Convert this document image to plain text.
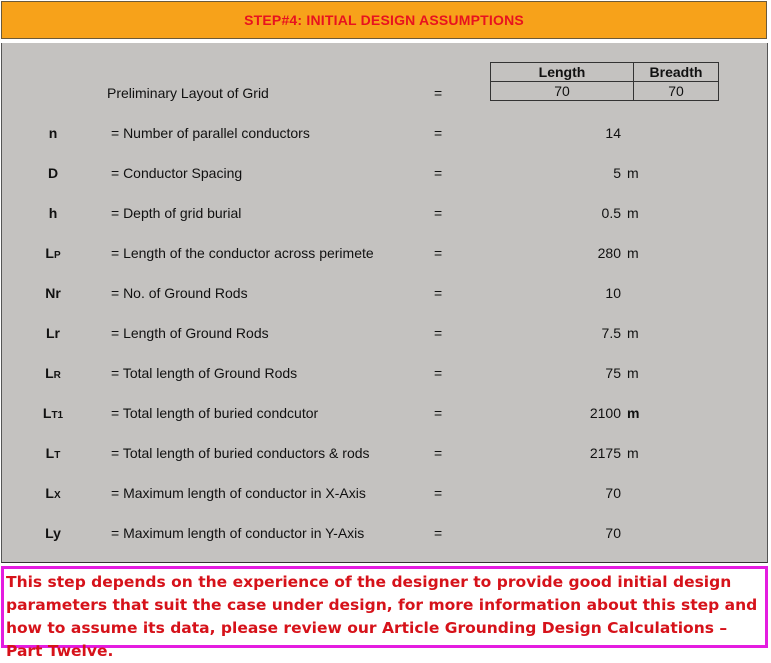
STEP#4: INITIAL DESIGN ASSUMPTIONS
Length	Breadth
70	70
Preliminary Layout of Grid	=
n	= Number of parallel conductors	=	14
D	= Conductor Spacing	=	5 m
h	= Depth of grid burial	=	0.5 m
LP	= Length of the conductor across perimete	=	280 m
Nr	= No. of Ground Rods	=	10
Lr	= Length of Ground Rods	=	7.5 m
LR	= Total length of Ground Rods	=	75 m
LT1	= Total length of buried condcutor	=	2100 m
LT	= Total length of buried conductors & rods	=	2175 m
LX	= Maximum length of conductor in X-Axis	=	70
Ly	= Maximum length of conductor in Y-Axis	=	70

This step depends on the experience of the designer to provide good initial design parameters that suit the case under design, for more information about this step and how to assume its data, please review our Article Grounding Design Calculations – Part Twelve.
